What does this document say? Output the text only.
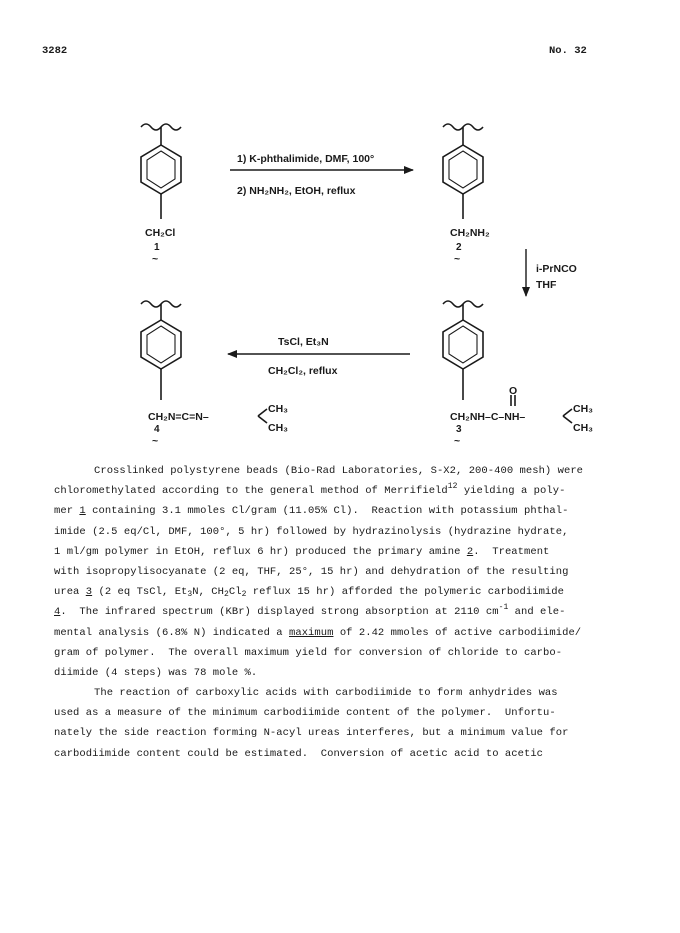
3282	No. 32
CH₂Cl
1
~
1) K-phthalimide, DMF, 100°
2) NH₂NH₂, EtOH, reflux
CH₂NH₂
2
~
i-PrNCO
THF
O
CH₂NH–C–NH–
CH₃
CH₃
3
~
TsCl, Et₃N
CH₂Cl₂, reflux
CH₂N=C=N–
CH₃
CH₃
4
~
Crosslinked polystyrene beads (Bio-Rad Laboratories, S-X2, 200-400 mesh) were
chloromethylated according to the general method of Merrifield$^{12}$ yielding a poly-
mer 1 containing 3.1 mmoles Cl/gram (11.05% Cl).  Reaction with potassium phthal-
imide (2.5 eq/Cl, DMF, 100°, 5 hr) followed by hydrazinolysis (hydrazine hydrate,
1 ml/gm polymer in EtOH, reflux 6 hr) produced the primary amine 2.  Treatment
with isopropylisocyanate (2 eq, THF, 25°, 15 hr) and dehydration of the resulting
urea 3 (2 eq TsCl, $Et_3N$, $CH_2Cl_2$ reflux 15 hr) afforded the polymeric carbodiimide
4.  The infrared spectrum (KBr) displayed strong absorption at 2110 $cm^{-1}$ and ele-
mental analysis (6.8% N) indicated a maximum of 2.42 mmoles of active carbodiimide/
gram of polymer.  The overall maximum yield for conversion of chloride to carbo-
diimide (4 steps) was 78 mole %.
The reaction of carboxylic acids with carbodiimide to form anhydrides was
used as a measure of the minimum carbodiimide content of the polymer.  Unfortu-
nately the side reaction forming N-acyl ureas interferes, but a minimum value for
carbodiimide content could be estimated.  Conversion of acetic acid to acetic
